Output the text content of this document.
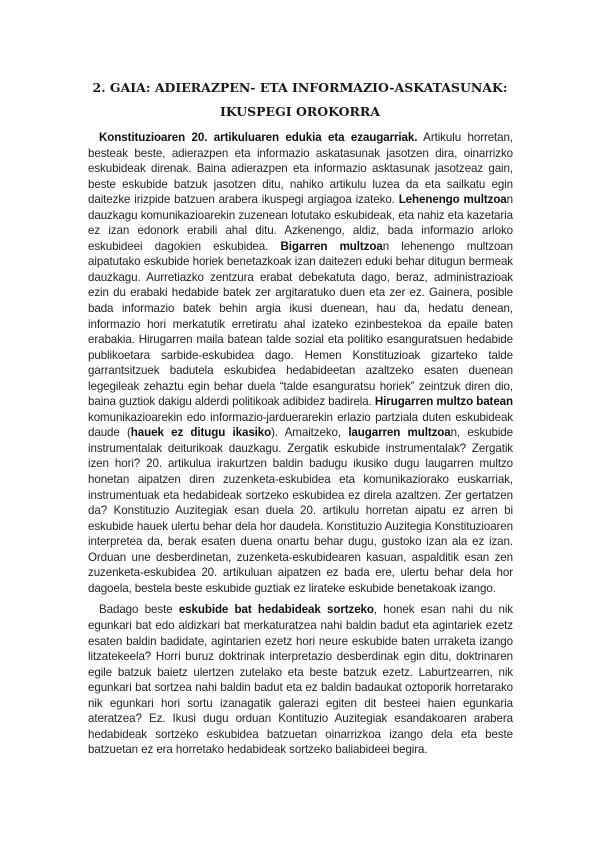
2. GAIA: ADIERAZPEN- ETA INFORMAZIO-ASKATASUNAK:
IKUSPEGI OROKORRA

Konstituzioaren 20. artikuluaren edukia eta ezaugarriak. Artikulu horretan, besteak beste, adierazpen eta informazio askatasunak jasotzen dira, oinarrizko eskubideak direnak. Baina adierazpen eta informazio asktasunak jasotzeaz gain, beste eskubide batzuk jasotzen ditu, nahiko artikulu luzea da eta sailkatu egin daitezke irizpide batzuen arabera ikuspegi argiagoa izateko. Lehenengo multzoan dauzkagu komunikazioarekin zuzenean lotutako eskubideak, eta nahiz eta kazetaria ez izan edonork erabili ahal ditu. Azkenengo, aldiz, bada informazio arloko eskubideei dagokien eskubidea. Bigarren multzoan lehenengo multzoan aipatutako eskubide horiek benetazkoak izan daitezen eduki behar ditugun bermeak dauzkagu. Aurretiazko zentzura erabat debekatuta dago, beraz, administrazioak ezin du erabaki hedabide batek zer argitaratuko duen eta zer ez. Gainera, posible bada informazio batek behin argia ikusi duenean, hau da, hedatu denean, informazio hori merkatutik erretiratu ahal izateko ezinbestekoa da epaile baten erabakia. Hirugarren maila batean talde sozial eta politiko esanguratsuen hedabide publikoetara sarbide-eskubidea dago. Hemen Konstituzioak gizarteko talde garrantsitzuek badutela eskubidea hedabideetan azaltzeko esaten duenean legegileak zehaztu egin behar duela “talde esanguratsu horiek” zeintzuk diren dio, baina guztiok dakigu alderdi politikoak adibidez badirela. Hirugarren multzo batean komunikazioarekin edo informazio-jarduerarekin erlazio partziala duten eskubideak daude (hauek ez ditugu ikasiko). Amaitzeko, laugarren multzoan, eskubide instrumentalak deiturikoak dauzkagu. Zergatik eskubide instrumentalak? Zergatik izen hori? 20. artikulua irakurtzen baldin badugu ikusiko dugu laugarren multzo honetan aipatzen diren zuzenketa-eskubidea eta komunikaziorako euskarriak, instrumentuak eta hedabideak sortzeko eskubidea ez direla azaltzen. Zer gertatzen da? Konstituzio Auzitegiak esan duela 20. artikulu horretan aipatu ez arren bi eskubide hauek ulertu behar dela hor daudela. Konstituzio Auzitegia Konstituzioaren interpretea da, berak esaten duena onartu behar dugu, gustoko izan ala ez izan. Orduan une desberdinetan, zuzenketa-eskubidearen kasuan, aspalditik esan zen zuzenketa-eskubidea 20. artikuluan aipatzen ez bada ere, ulertu behar dela hor dagoela, bestela beste eskubide guztiak ez lirateke eskubide benetakoak izango.

Badago beste eskubide bat hedabideak sortzeko, honek esan nahi du nik egunkari bat edo aldizkari bat merkaturatzea nahi baldin badut eta agintariek ezetz esaten baldin badidate, agintarien ezetz hori neure eskubide baten urraketa izango litzatekeela? Horri buruz doktrinak interpretazio desberdinak egin ditu, doktrinaren egile batzuk baietz ulertzen zutelako eta beste batzuk ezetz. Laburtzearren, nik egunkari bat sortzea nahi baldin badut eta ez baldin badaukat oztoporik horretarako nik egunkari hori sortu izanagatik galerazi egiten dit besteei haien egunkaria ateratzea? Ez. Ikusi dugu orduan Kontituzio Auzitegiak esandakoaren arabera hedabideak sortzeko eskubidea batzuetan oinarrizkoa izango dela eta beste batzuetan ez era horretako hedabideak sortzeko baliabideei begira.
